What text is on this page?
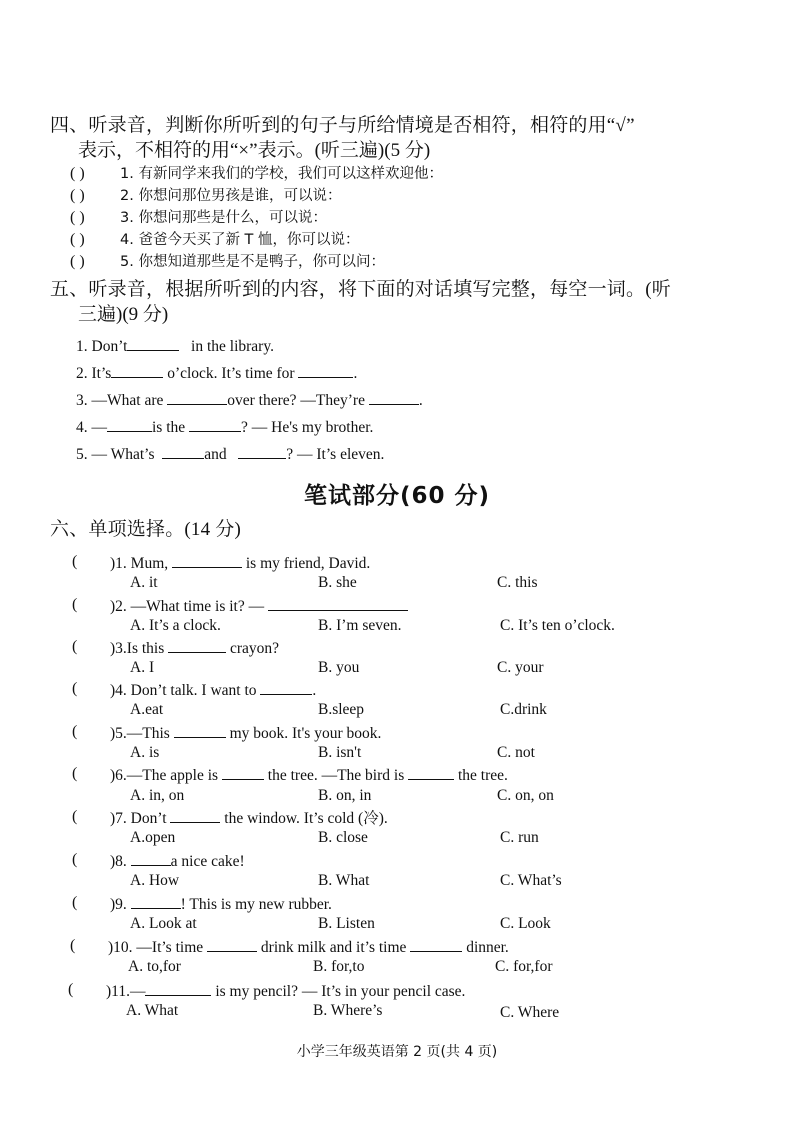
四、听录音，判断你所听到的句子与所给情境是否相符，相符的用“√”
表示，不相符的用“×”表示。(听三遍)(5 分)
( ) 1. 有新同学来我们的学校，我们可以这样欢迎他：
( ) 2. 你想问那位男孩是谁，可以说：
( ) 3. 你想问那些是什么，可以说：
( ) 4. 爸爸今天买了新 T 恤，你可以说：
( ) 5. 你想知道那些是不是鸭子，你可以问：
五、听录音，根据所听到的内容，将下面的对话填写完整，每空一词。(听
三遍)(9 分)
1. Don’t	in the library.
2. It’s	o’clock. It’s time for	.
3. —What are	over there? —They’re	.
4. —	is the	? — He's my brother.
5. — What’s	and	? — It’s eleven.
笔试部分(60 分)
六、单项选择。(14 分)
( )1. Mum,	is my friend, David.
A. it	B. she	C. this
( )2. —What time is it? —
A. It’s a clock.	B. I’m seven.	C. It’s ten o’clock.
( )3.Is this	crayon?
A. I	B. you	C. your
( )4. Don’t talk. I want to	.
A.eat	B.sleep	C.drink
( )5.—This	my book. It's your book.
A. is	B. isn't	C. not
( )6.—The apple is	the tree. —The bird is	the tree.
A. in, on	B. on, in	C. on, on
( )7. Don’t	the window. It’s cold (冷).
A.open	B. close	C. run
( )8.	a nice cake!
A. How	B. What	C. What’s
( )9.	! This is my new rubber.
A. Look at	B. Listen	C. Look
( )10. —It’s time	drink milk and it’s time	dinner.
A. to,for	B. for,to	C. for,for
( )11.—	is my pencil? — It’s in your pencil case.
A. What	B. Where’s	C. Where
小学三年级英语第 2 页(共 4 页)
